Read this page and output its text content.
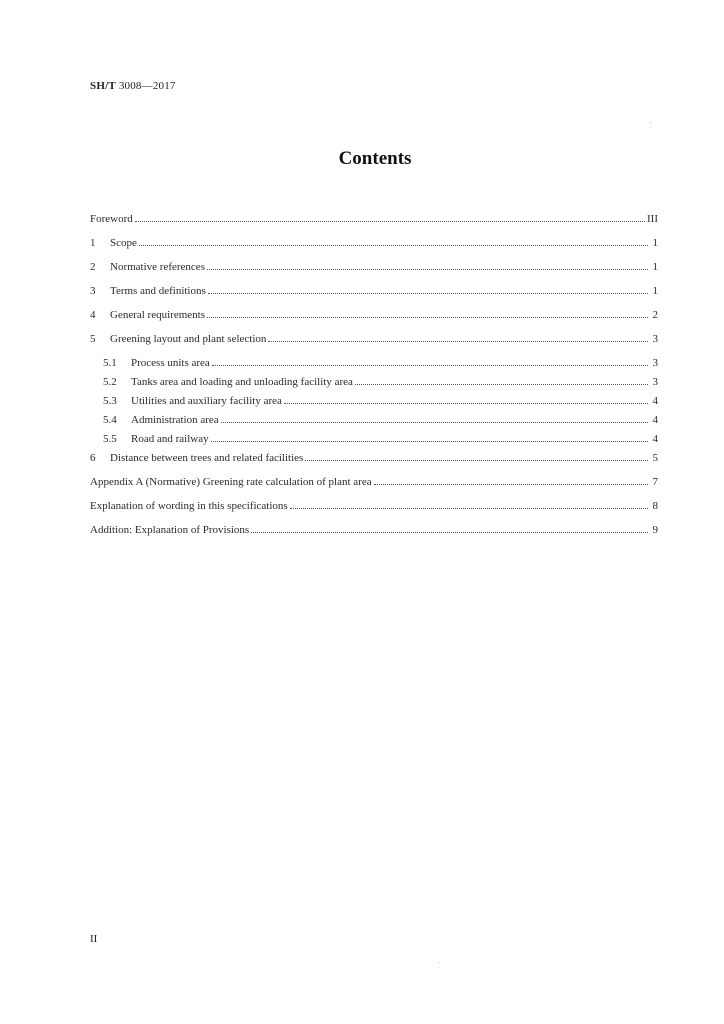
SH/T 3008—2017
Contents
Foreword	III
1	Scope	1
2	Normative references	1
3	Terms and definitions	1
4	General requirements	2
5	Greening layout and plant selection	3
5.1	Process units area	3
5.2	Tanks area and loading and unloading facility area	3
5.3	Utilities and auxiliary facility area	4
5.4	Administration area	4
5.5	Road and railway	4
6	Distance between trees and related facilities	5
Appendix A (Normative) Greening rate calculation of plant area	7
Explanation of wording in this specifications	8
Addition: Explanation of Provisions	9
II
